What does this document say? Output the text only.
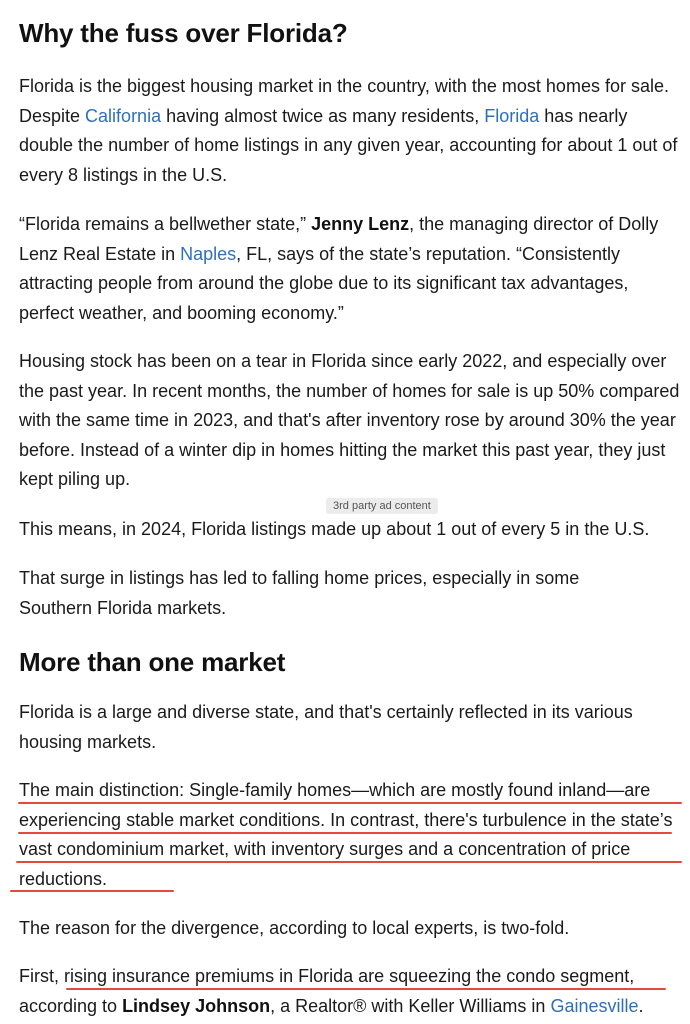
Why the fuss over Florida?

Florida is the biggest housing market in the country, with the most homes for sale. Despite California having almost twice as many residents, Florida has nearly double the number of home listings in any given year, accounting for about 1 out of every 8 listings in the U.S.

“Florida remains a bellwether state,” Jenny Lenz, the managing director of Dolly Lenz Real Estate in Naples, FL, says of the state’s reputation. “Consistently attracting people from around the globe due to its significant tax advantages, perfect weather, and booming economy.”

Housing stock has been on a tear in Florida since early 2022, and especially over the past year. In recent months, the number of homes for sale is up 50% compared with the same time in 2023, and that's after inventory rose by around 30% the year before. Instead of a winter dip in homes hitting the market this past year, they just kept piling up.

This means, in 2024, Florida listings made up about 1 out of every 5 in the U.S.

That surge in listings has led to falling home prices, especially in some Southern Florida markets.

More than one market

Florida is a large and diverse state, and that's certainly reflected in its various housing markets.

The main distinction: Single-family homes—which are mostly found inland—are experiencing stable market conditions. In contrast, there's turbulence in the state’s vast condominium market, with inventory surges and a concentration of price reductions.

The reason for the divergence, according to local experts, is two-fold.

First, rising insurance premiums in Florida are squeezing the condo segment, according to Lindsey Johnson, a Realtor® with Keller Williams in Gainesville.

3rd party ad content
